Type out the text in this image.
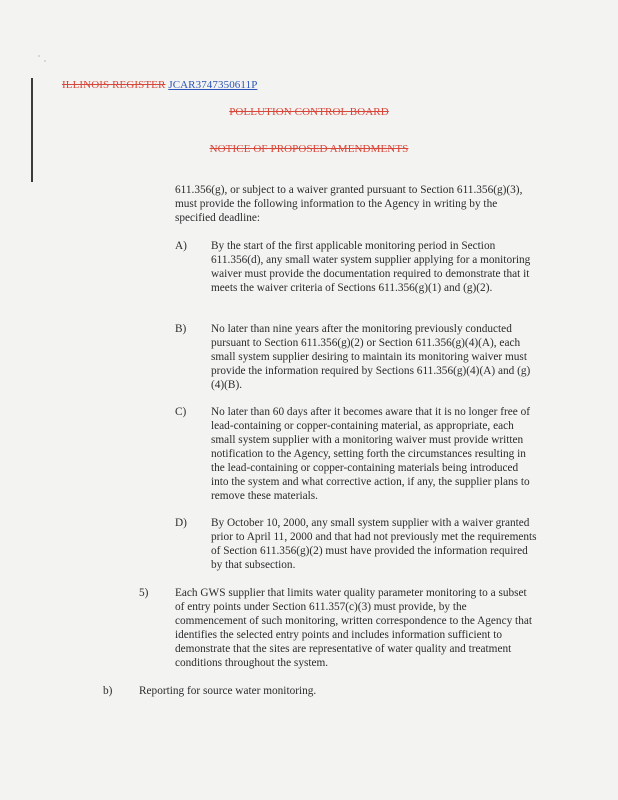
ILLINOIS REGISTER JCAR3747350611P
POLLUTION CONTROL BOARD
NOTICE OF PROPOSED AMENDMENTS
611.356(g), or subject to a waiver granted pursuant to Section 611.356(g)(3), must provide the following information to the Agency in writing by the specified deadline:
A) By the start of the first applicable monitoring period in Section 611.356(d), any small water system supplier applying for a monitoring waiver must provide the documentation required to demonstrate that it meets the waiver criteria of Sections 611.356(g)(1) and (g)(2).
B) No later than nine years after the monitoring previously conducted pursuant to Section 611.356(g)(2) or Section 611.356(g)(4)(A), each small system supplier desiring to maintain its monitoring waiver must provide the information required by Sections 611.356(g)(4)(A) and (g)(4)(B).
C) No later than 60 days after it becomes aware that it is no longer free of lead-containing or copper-containing material, as appropriate, each small system supplier with a monitoring waiver must provide written notification to the Agency, setting forth the circumstances resulting in the lead-containing or copper-containing materials being introduced into the system and what corrective action, if any, the supplier plans to remove these materials.
D) By October 10, 2000, any small system supplier with a waiver granted prior to April 11, 2000 and that had not previously met the requirements of Section 611.356(g)(2) must have provided the information required by that subsection.
5) Each GWS supplier that limits water quality parameter monitoring to a subset of entry points under Section 611.357(c)(3) must provide, by the commencement of such monitoring, written correspondence to the Agency that identifies the selected entry points and includes information sufficient to demonstrate that the sites are representative of water quality and treatment conditions throughout the system.
b) Reporting for source water monitoring.
